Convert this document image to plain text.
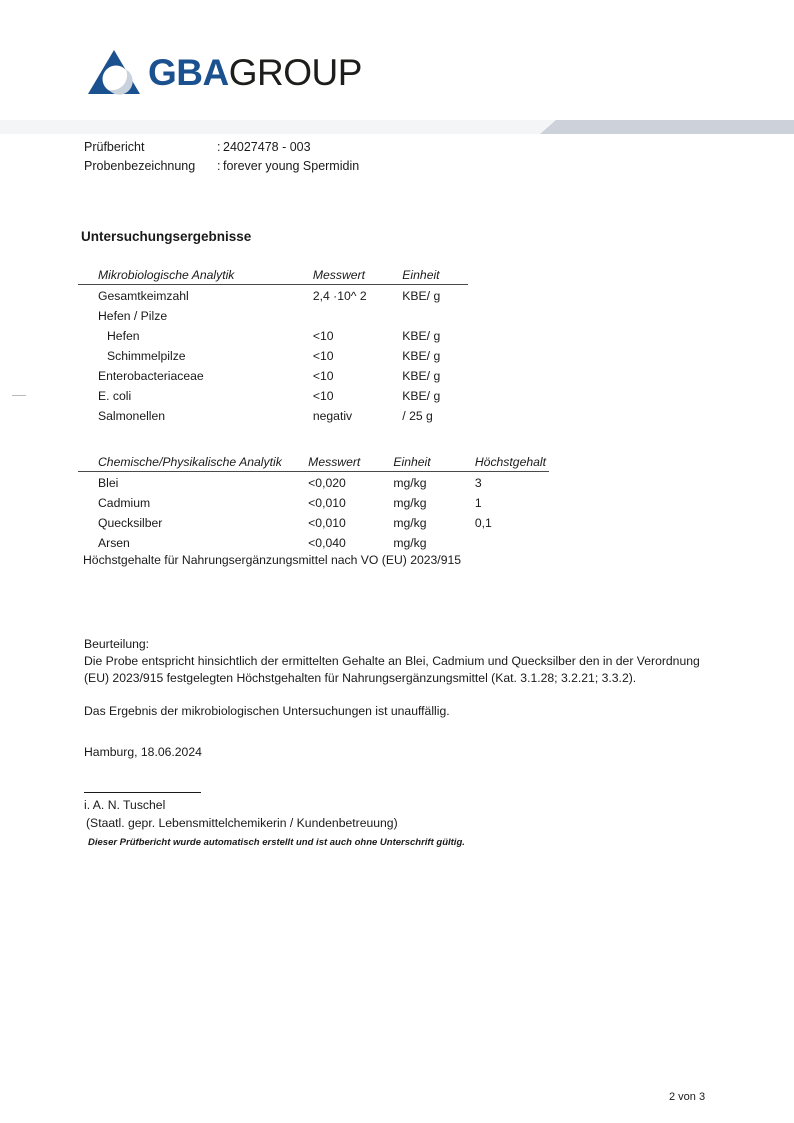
GBAGROUP
Prüfbericht	: 24027478 - 003
Probenbezeichnung	: forever young Spermidin
Untersuchungsergebnisse
Mikrobiologische Analytik	Messwert	Einheit
Gesamtkeimzahl	2,4 ·10^ 2	KBE/ g
Hefen / Pilze		
Hefen	<10	KBE/ g
Schimmelpilze	<10	KBE/ g
Enterobacteriaceae	<10	KBE/ g
E. coli	<10	KBE/ g
Salmonellen	negativ	/ 25 g
Chemische/Physikalische Analytik	Messwert	Einheit	Höchstgehalt
Blei	<0,020	mg/kg	3
Cadmium	<0,010	mg/kg	1
Quecksilber	<0,010	mg/kg	0,1
Arsen	<0,040	mg/kg	
Höchstgehalte für Nahrungsergänzungsmittel nach VO (EU) 2023/915

Beurteilung:

Die Probe entspricht hinsichtlich der ermittelten Gehalte an Blei, Cadmium und Quecksilber den in der Verordnung (EU) 2023/915 festgelegten Höchstgehalten für Nahrungsergänzungsmittel (Kat. 3.1.28; 3.2.21; 3.3.2).

Das Ergebnis der mikrobiologischen Untersuchungen ist unauffällig.

Hamburg, 18.06.2024
i. A. N. Tuschel
(Staatl. gepr. Lebensmittelchemikerin / Kundenbetreuung)
Dieser Prüfbericht wurde automatisch erstellt und ist auch ohne Unterschrift gültig.
2 von 3
